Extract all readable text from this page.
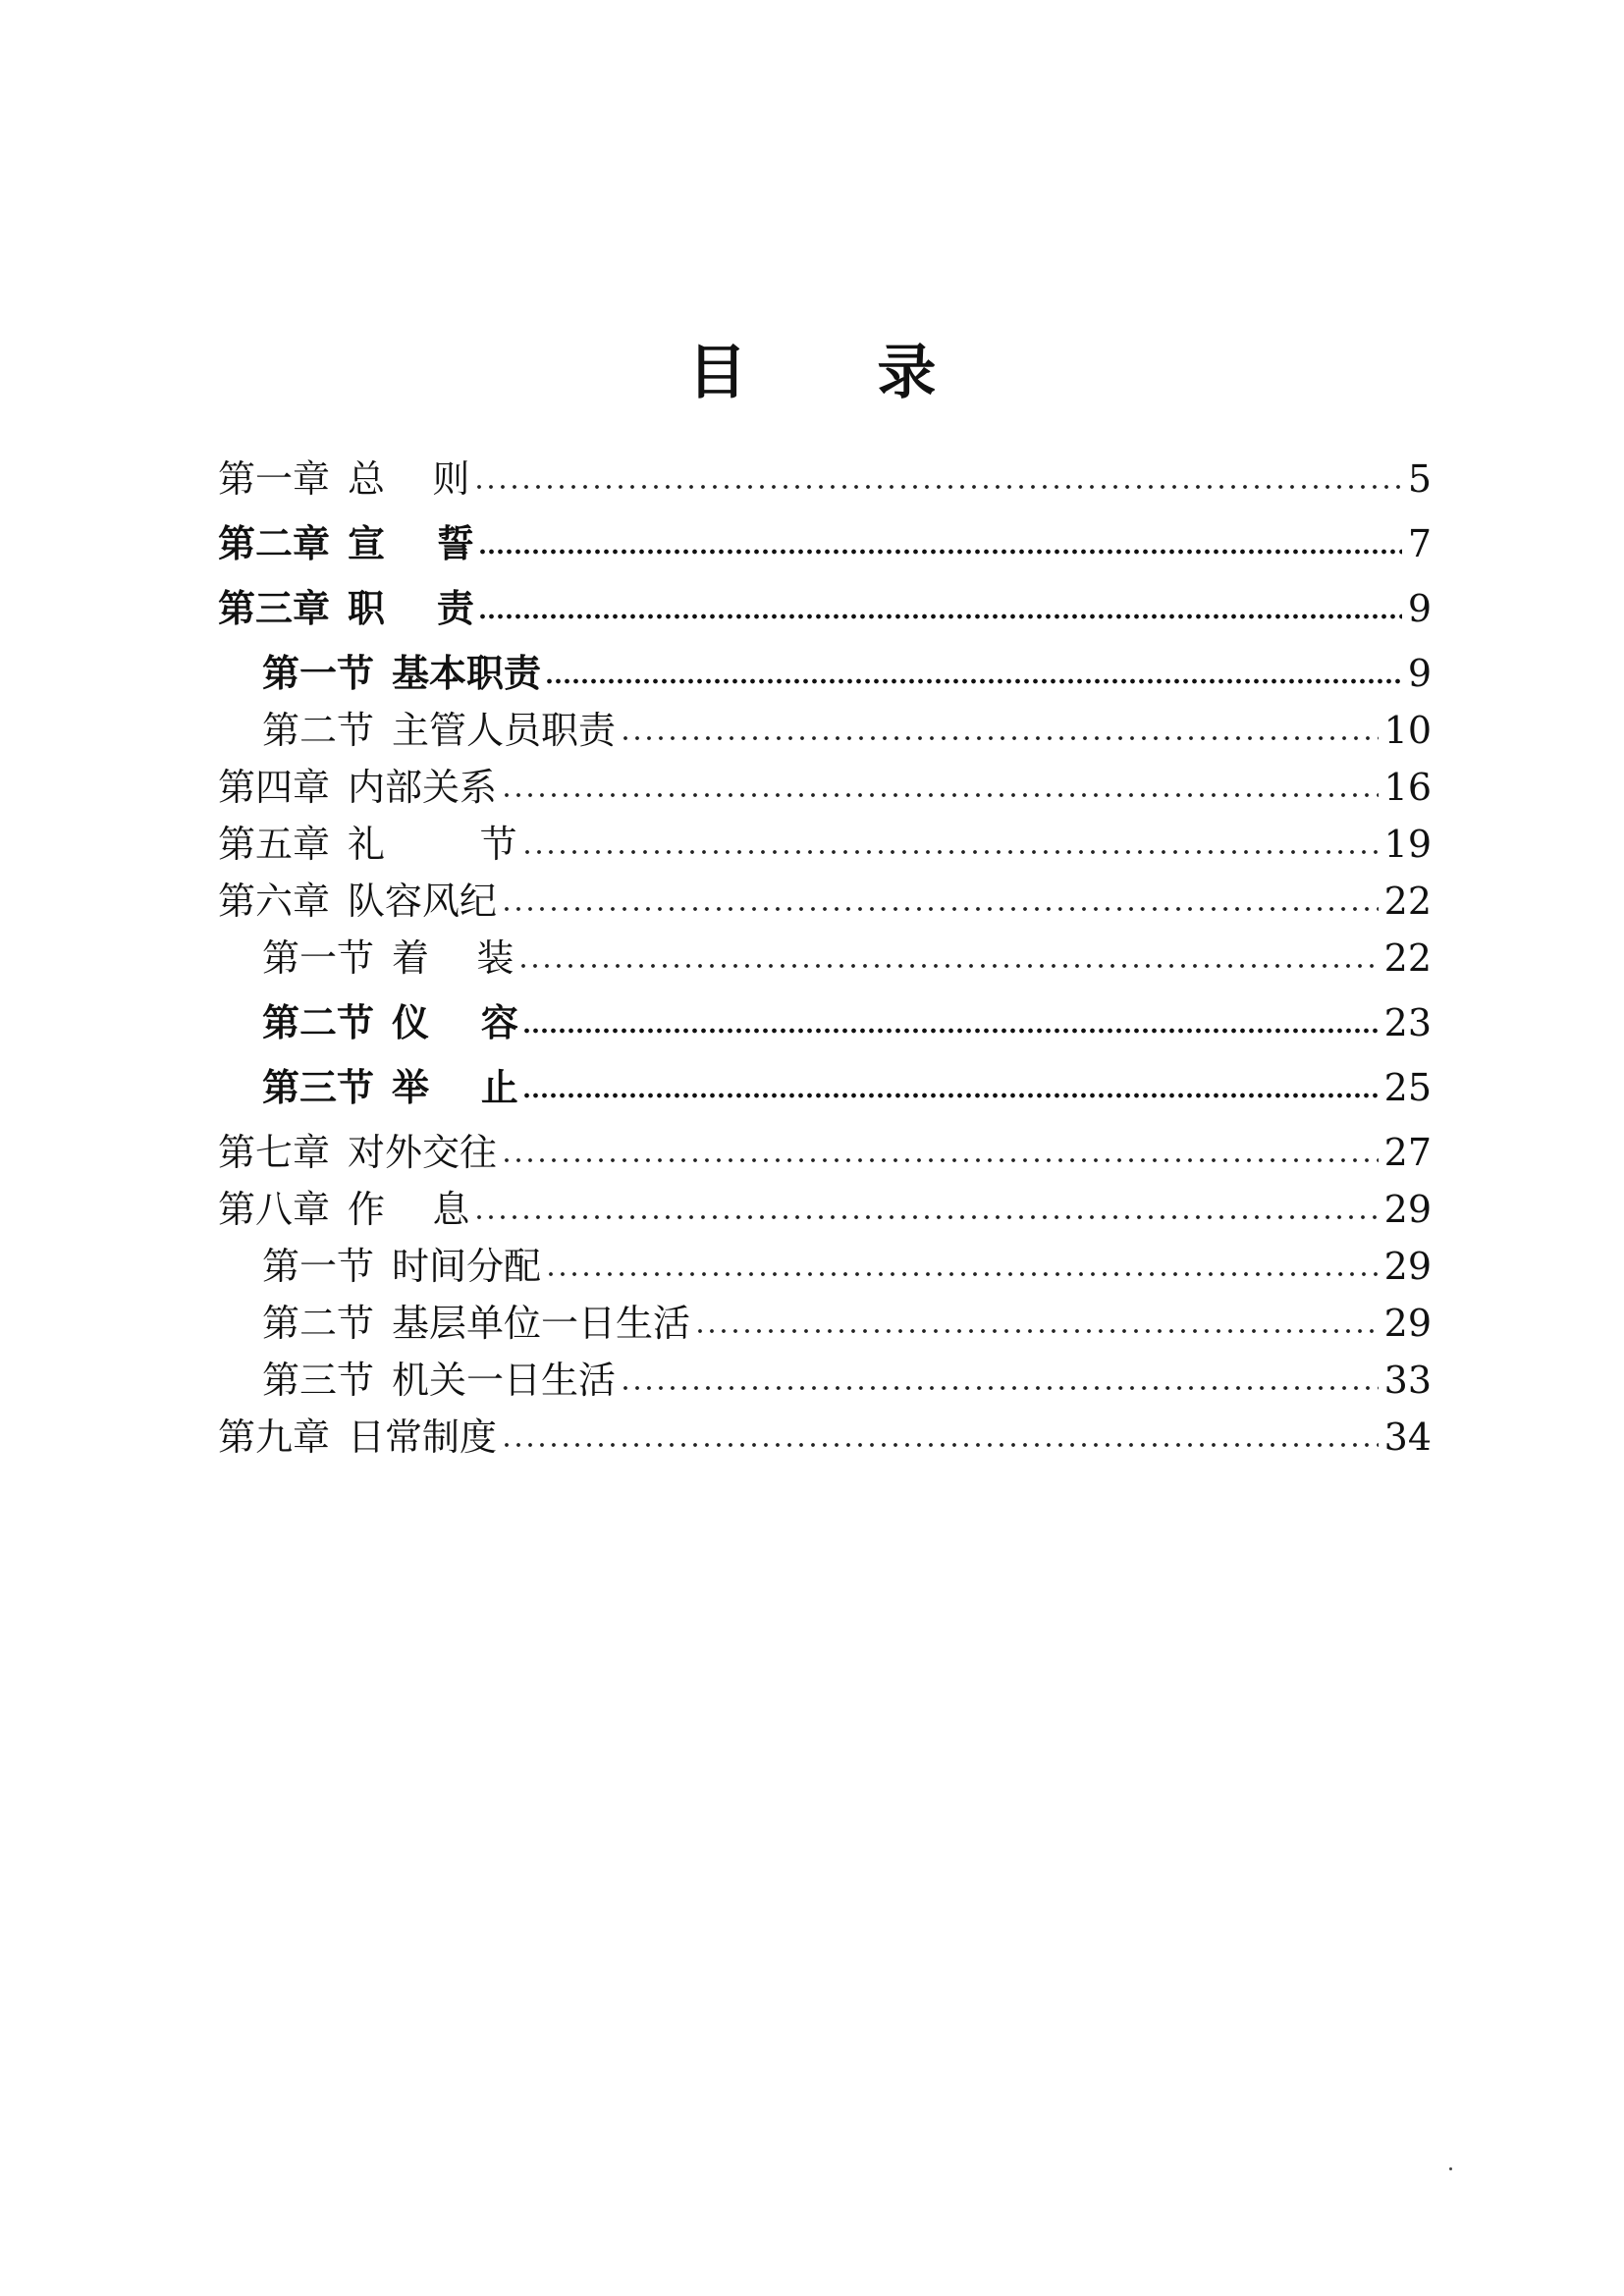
目 录
第一章 总    则	5
第二章 宣    誓	7
第三章 职    责	9
第一节 基本职责	9
第二节 主管人员职责	10
第四章 内部关系	16
第五章 礼        节	19
第六章 队容风纪	22
第一节 着    装	22
第二节 仪    容	23
第三节 举    止	25
第七章 对外交往	27
第八章 作    息	29
第一节 时间分配	29
第二节 基层单位一日生活	29
第三节 机关一日生活	33
第九章 日常制度	34
